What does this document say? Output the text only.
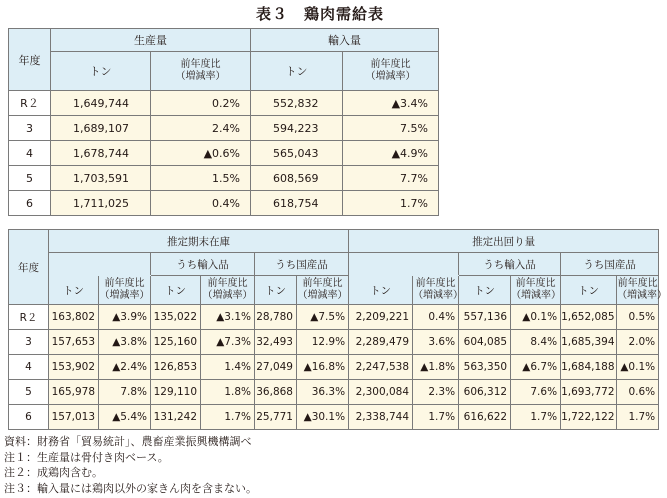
表３　鶏肉需給表
年度	生産量		輸入量	
	トン	前年度比
（増減率）	トン	前年度比
（増減率）
R２	1,649,744	0.2%	552,832	▲3.4%
3	1,689,107	2.4%	594,223	7.5%
4	1,678,744	▲0.6%	565,043	▲4.9%
5	1,703,591	1.5%	608,569	7.7%
6	1,711,025	0.4%	618,754	1.7%
年度	推定期末在庫						推定出回り量					
			うち輸入品		うち国産品				うち輸入品		うち国産品	
	トン	前年度比
（増減率）	トン	前年度比
（増減率）	トン	前年度比
（増減率）	トン	前年度比
（増減率）	トン	前年度比
（増減率）	トン	前年度比
（増減率）
R２	163,802	▲3.9%	135,022	▲3.1%	28,780	▲7.5%	2,209,221	0.4%	557,136	▲0.1%	1,652,085	0.5%
3	157,653	▲3.8%	125,160	▲7.3%	32,493	12.9%	2,289,479	3.6%	604,085	8.4%	1,685,394	2.0%
4	153,902	▲2.4%	126,853	1.4%	27,049	▲16.8%	2,247,538	▲1.8%	563,350	▲6.7%	1,684,188	▲0.1%
5	165,978	7.8%	129,110	1.8%	36,868	36.3%	2,300,084	2.3%	606,312	7.6%	1,693,772	0.6%
6	157,013	▲5.4%	131,242	1.7%	25,771	▲30.1%	2,338,744	1.7%	616,622	1.7%	1,722,122	1.7%
資料：財務省「貿易統計」、農畜産業振興機構調べ
注１：生産量は骨付き肉ベース。
注２：成鶏肉含む。
注３：輸入量には鶏肉以外の家きん肉を含まない。
